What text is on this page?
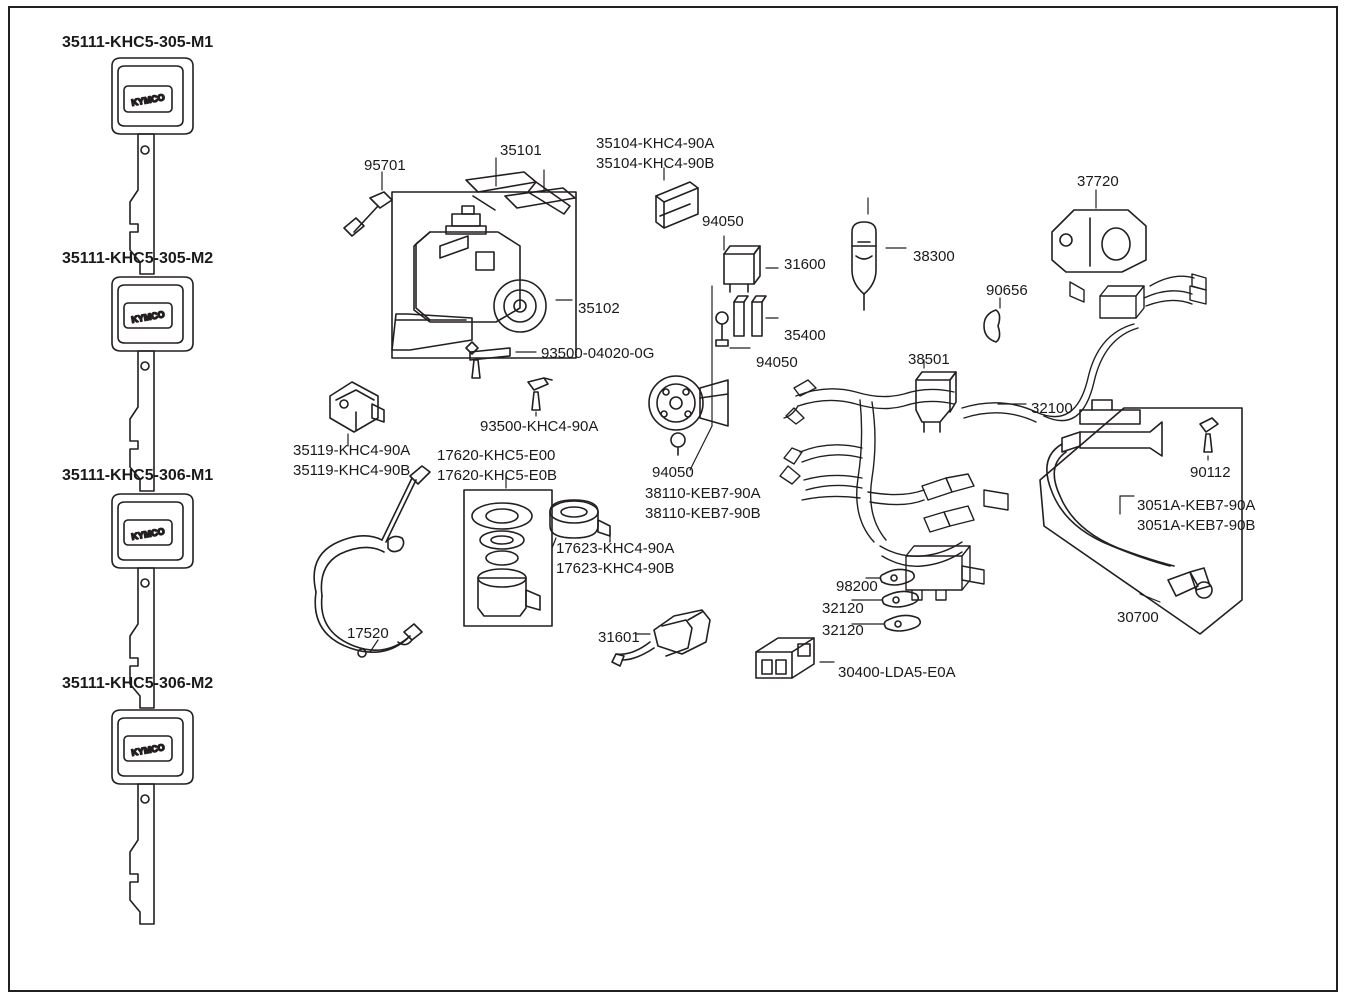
KYMCO
KYMCO
KYMCO
KYMCO
35111-KHC5-305-M1
35111-KHC5-305-M2
35111-KHC5-306-M1
35111-KHC5-306-M2
95701
35101	35104-KHC4-90A
35104-KHC4-90B
94050
31600	38300
37720
90656
35102
35400
94050	38501
93500-04020-0G
32100
93500-KHC4-90A
35119-KHC4-90A
35119-KHC4-90B
17620-KHC5-E00
17620-KHC5-E0B	94050
38110-KEB7-90A
38110-KEB7-90B
90112
3051A-KEB7-90A
3051A-KEB7-90B
17623-KHC4-90A
17623-KHC4-90B
98200
32120
32120
30700
31601
17520
30400-LDA5-E0A
